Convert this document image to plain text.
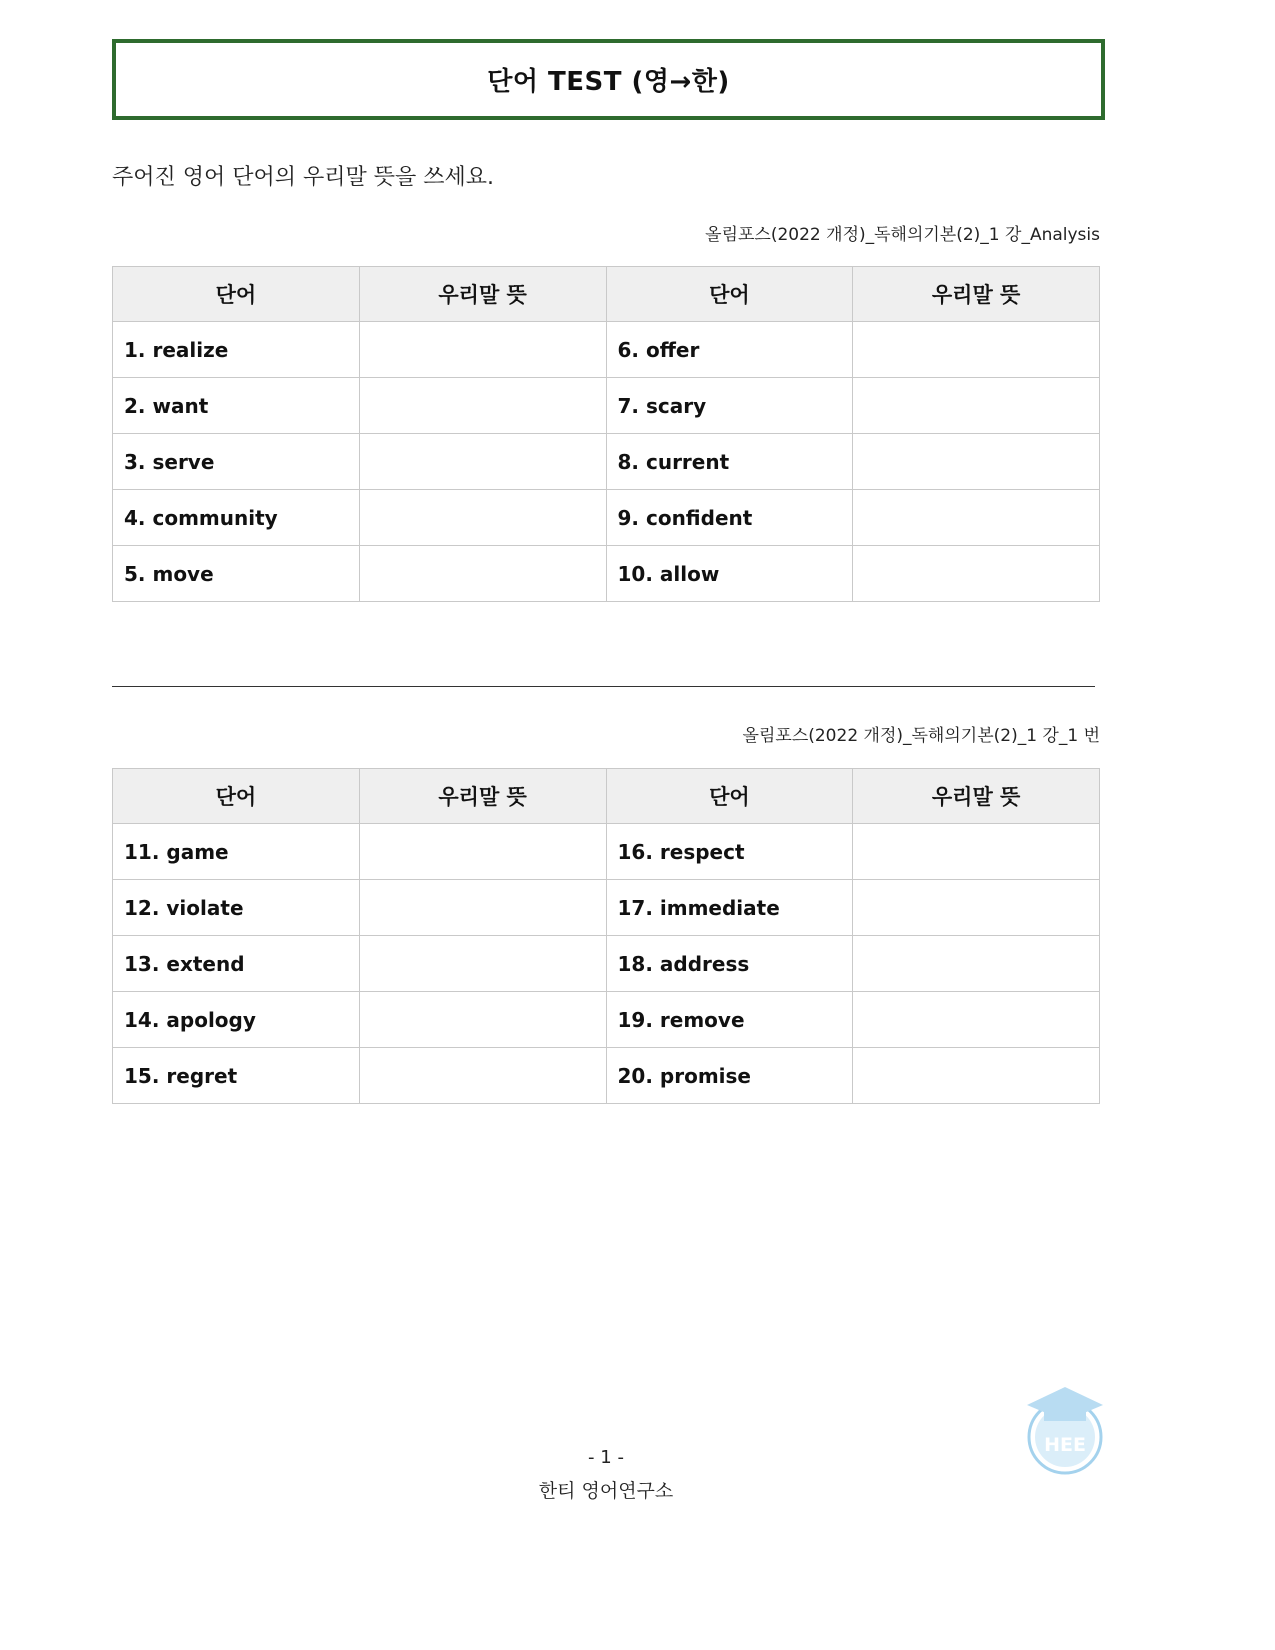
단어 TEST (영→한)
주어진 영어 단어의 우리말 뜻을 쓰세요.
올림포스(2022 개정)_독해의기본(2)_1 강_Analysis
단어	우리말 뜻	단어	우리말 뜻
1. realize		6. offer	
2. want		7. scary	
3. serve		8. current	
4. community		9. confident	
5. move		10. allow	
올림포스(2022 개정)_독해의기본(2)_1 강_1 번
단어	우리말 뜻	단어	우리말 뜻
11. game		16. respect	
12. violate		17. immediate	
13. extend		18. address	
14. apology		19. remove	
15. regret		20. promise	
- 1 -
한티 영어연구소
HEE
